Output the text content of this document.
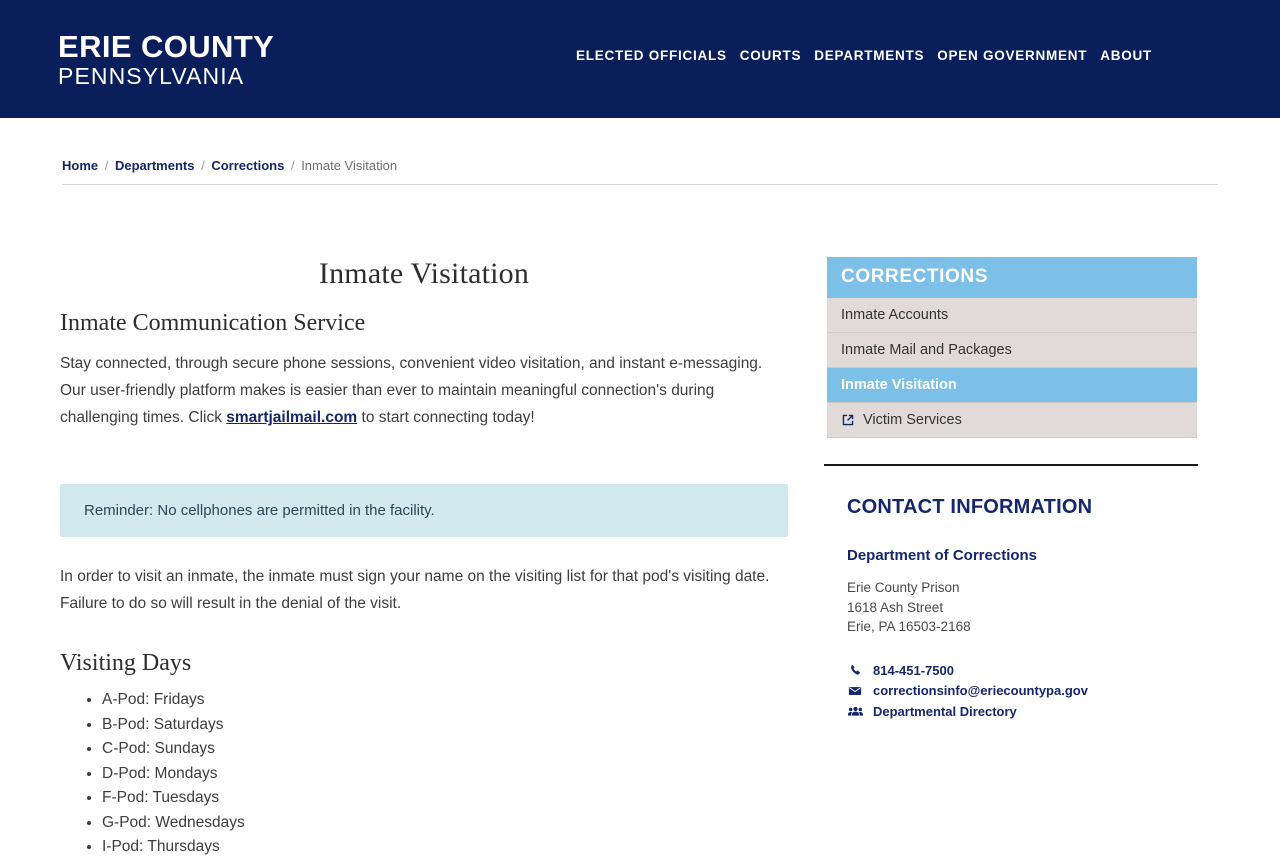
ERIE COUNTY
PENNSYLVANIA
ELECTED OFFICIALS COURTS DEPARTMENTS OPEN GOVERNMENT ABOUT
Home / Departments / Corrections / Inmate Visitation
Inmate Visitation
Inmate Communication Service

Stay connected, through secure phone sessions, convenient video visitation, and instant e-messaging. Our user-friendly platform makes is easier than ever to maintain meaningful connection's during challenging times. Click smartjailmail.com to start connecting today!

Reminder: No cellphones are permitted in the facility.

In order to visit an inmate, the inmate must sign your name on the visiting list for that pod's visiting date. Failure to do so will result in the denial of the visit.

Visiting Days
• A-Pod: Fridays
• B-Pod: Saturdays
• C-Pod: Sundays
• D-Pod: Mondays
• F-Pod: Tuesdays
• G-Pod: Wednesdays
• I-Pod: Thursdays
CORRECTIONS
Inmate Accounts
Inmate Mail and Packages
Inmate Visitation
Victim Services
CONTACT INFORMATION
Department of Corrections
Erie County Prison
1618 Ash Street
Erie, PA 16503-2168
814-451-7500
correctionsinfo@eriecountypa.gov
Departmental Directory
